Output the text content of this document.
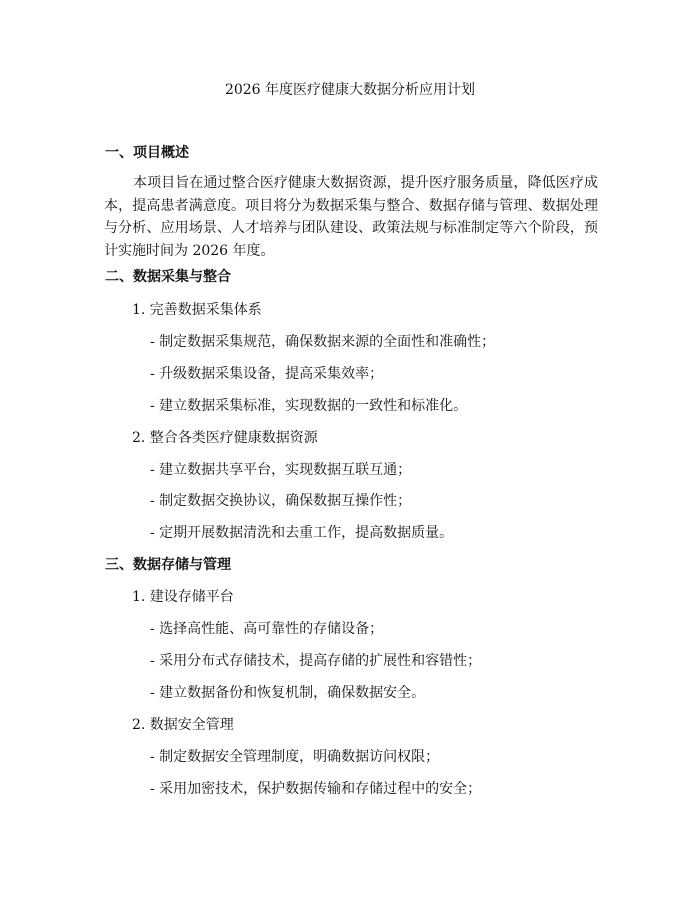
2026 年度医疗健康大数据分析应用计划
一、项目概述
本项目旨在通过整合医疗健康大数据资源，提升医疗服务质量，降低医疗成本，提高患者满意度。项目将分为数据采集与整合、数据存储与管理、数据处理与分析、应用场景、人才培养与团队建设、政策法规与标准制定等六个阶段，预计实施时间为 2026 年度。
二、数据采集与整合
1. 完善数据采集体系
- 制定数据采集规范，确保数据来源的全面性和准确性；
- 升级数据采集设备，提高采集效率；
- 建立数据采集标准，实现数据的一致性和标准化。
2. 整合各类医疗健康数据资源
- 建立数据共享平台，实现数据互联互通；
- 制定数据交换协议，确保数据互操作性；
- 定期开展数据清洗和去重工作，提高数据质量。
三、数据存储与管理
1. 建设存储平台
- 选择高性能、高可靠性的存储设备；
- 采用分布式存储技术，提高存储的扩展性和容错性；
- 建立数据备份和恢复机制，确保数据安全。
2. 数据安全管理
- 制定数据安全管理制度，明确数据访问权限；
- 采用加密技术，保护数据传输和存储过程中的安全；
